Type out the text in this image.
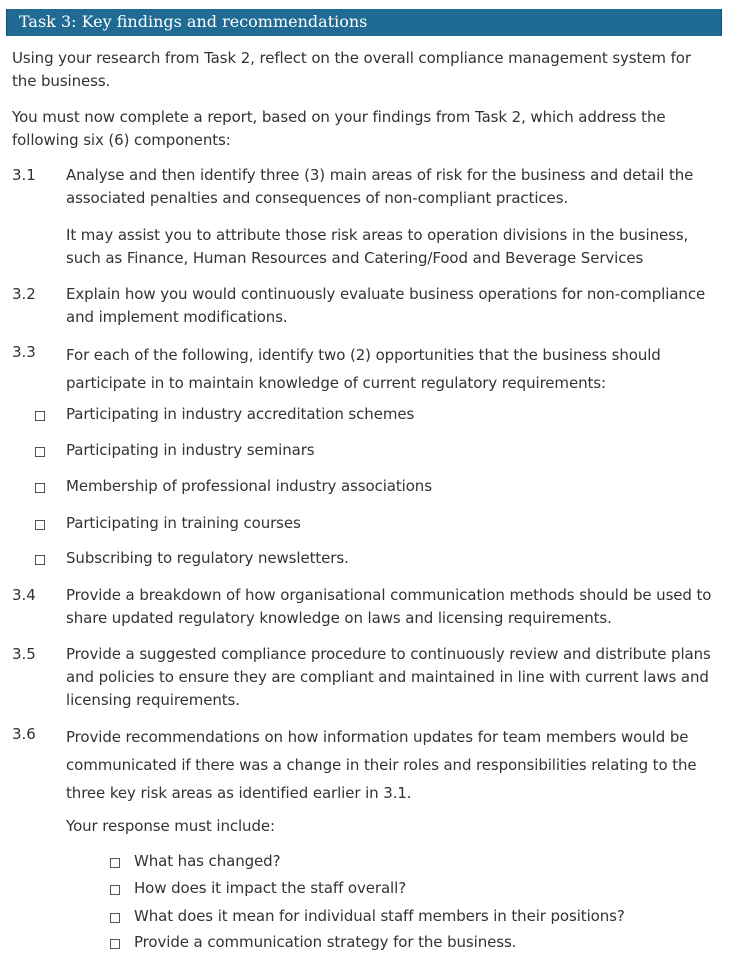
Task 3: Key findings and recommendations
Using your research from Task 2, reflect on the overall compliance management system for the business.
You must now complete a report, based on your findings from Task 2, which address the following six (6) components:
3.1 Analyse and then identify three (3) main areas of risk for the business and detail the associated penalties and consequences of non-compliant practices.
It may assist you to attribute those risk areas to operation divisions in the business, such as Finance, Human Resources and Catering/Food and Beverage Services
3.2 Explain how you would continuously evaluate business operations for non-compliance and implement modifications.
3.3 For each of the following, identify two (2) opportunities that the business should participate in to maintain knowledge of current regulatory requirements:
Participating in industry accreditation schemes
Participating in industry seminars
Membership of professional industry associations
Participating in training courses
Subscribing to regulatory newsletters.
3.4 Provide a breakdown of how organisational communication methods should be used to share updated regulatory knowledge on laws and licensing requirements.
3.5 Provide a suggested compliance procedure to continuously review and distribute plans and policies to ensure they are compliant and maintained in line with current laws and licensing requirements.
3.6 Provide recommendations on how information updates for team members would be communicated if there was a change in their roles and responsibilities relating to the three key risk areas as identified earlier in 3.1.
Your response must include:
What has changed?
How does it impact the staff overall?
What does it mean for individual staff members in their positions?
Provide a communication strategy for the business.
